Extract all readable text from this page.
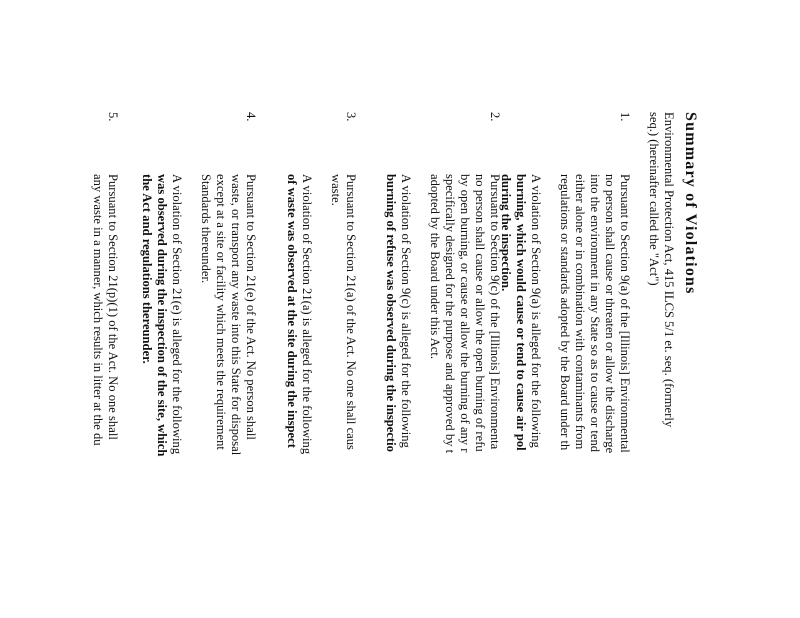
Summary of Violations
Environmental Protection Act, 415 ILCS 5/1 et. seq. (formerly
seq.) (hereinafter called the "Act")
1.

Pursuant to Section 9(a) of the [Illinois] Environmental
no person shall cause or threaten or allow the discharge
into the environment in any State so as to cause or tend
either alone or in combination with contaminants from
regulations or standards adopted by the Board under th

A violation of Section 9(a) is alleged for the following
burning, which would cause or tend to cause air pol
during the inspection.

2.

Pursuant to Section 9(c) of the [Illinois] Environmenta
no person shall cause or allow the open burning of refu
by open burning, or cause or allow the burning of any r
specifically designed for the purpose and approved by t
adopted by the Board under this Act.

A violation of Section 9(c) is alleged for the following
burning of refuse was observed during the inspectio

3.

Pursuant to Section 21(a) of the Act. No one shall caus
waste.

A violation of Section 21(a) is alleged for the following
of waste was observed at the site during the inspect

4.

Pursuant to Section 21(e) of the Act. No person shall
waste, or transport any waste into this State for disposal
except at a site or facility which meets the requirement
Standards thereunder.

A violation of Section 21(e) is alleged for the following
was observed during the inspection of the site, which
the Act and regulations thereunder.

5.

Pursuant to Section 21(p)(1) of the Act. No one shall
any waste in a manner, which results in litter at the du
